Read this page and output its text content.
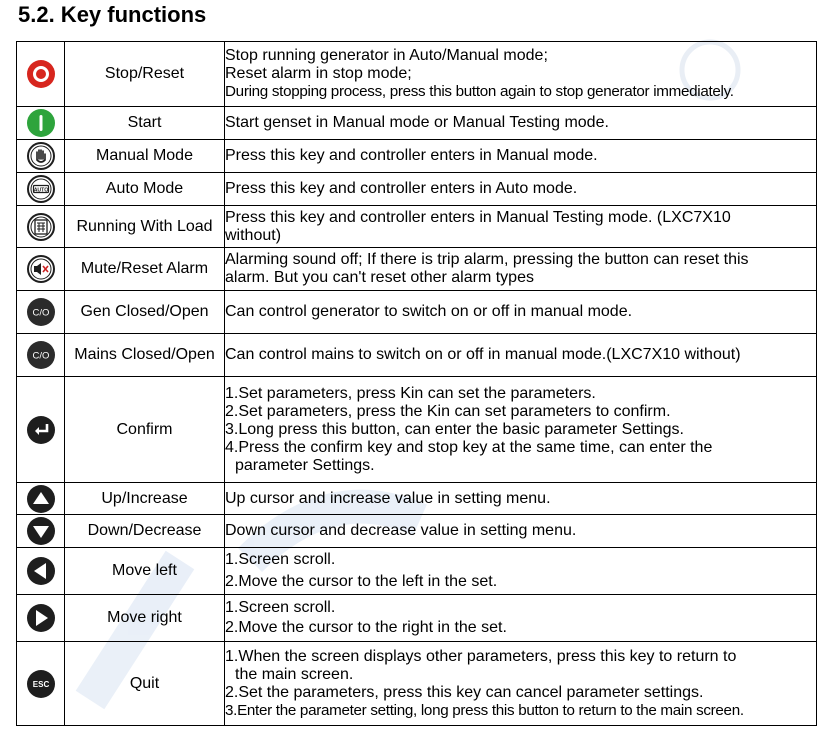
5.2. Key functions
	Stop/Reset	Stop running generator in Auto/Manual mode;
Reset alarm in stop mode;
During stopping process, press this button again to stop generator immediately.

	Start	Start genset in Manual mode or Manual Testing mode.

	Manual Mode	Press this key and controller enters in Manual mode.

AUTO	Auto Mode	Press this key and controller enters in Auto mode.

	Running With Load	Press this key and controller enters in Manual Testing mode. (LXC7X10
without)

	Mute/Reset Alarm	Alarming sound off; If there is trip alarm, pressing the button can reset this
alarm. But you can't reset other alarm types

C/O	Gen Closed/Open	Can control generator to switch on or off in manual mode.

C/O	Mains Closed/Open	Can control mains to switch on or off in manual mode.(LXC7X10 without)

	Confirm	1.Set parameters, press Kin can set the parameters.
2.Set parameters, press the Kin can set parameters to confirm.
3.Long press this button, can enter the basic parameter Settings.
4.Press the confirm key and stop key at the same time, can enter the
parameter Settings.

	Up/Increase	Up cursor and increase value in setting menu.

	Down/Decrease	Down cursor and decrease value in setting menu.

	Move left	1.Screen scroll.
2.Move the cursor to the left in the set.

	Move right	1.Screen scroll.
2.Move the cursor to the right in the set.

ESC	Quit	1.When the screen displays other parameters, press this key to return to
the main screen.
2.Set the parameters, press this key can cancel parameter settings.
3.Enter the parameter setting, long press this button to return to the main screen.
